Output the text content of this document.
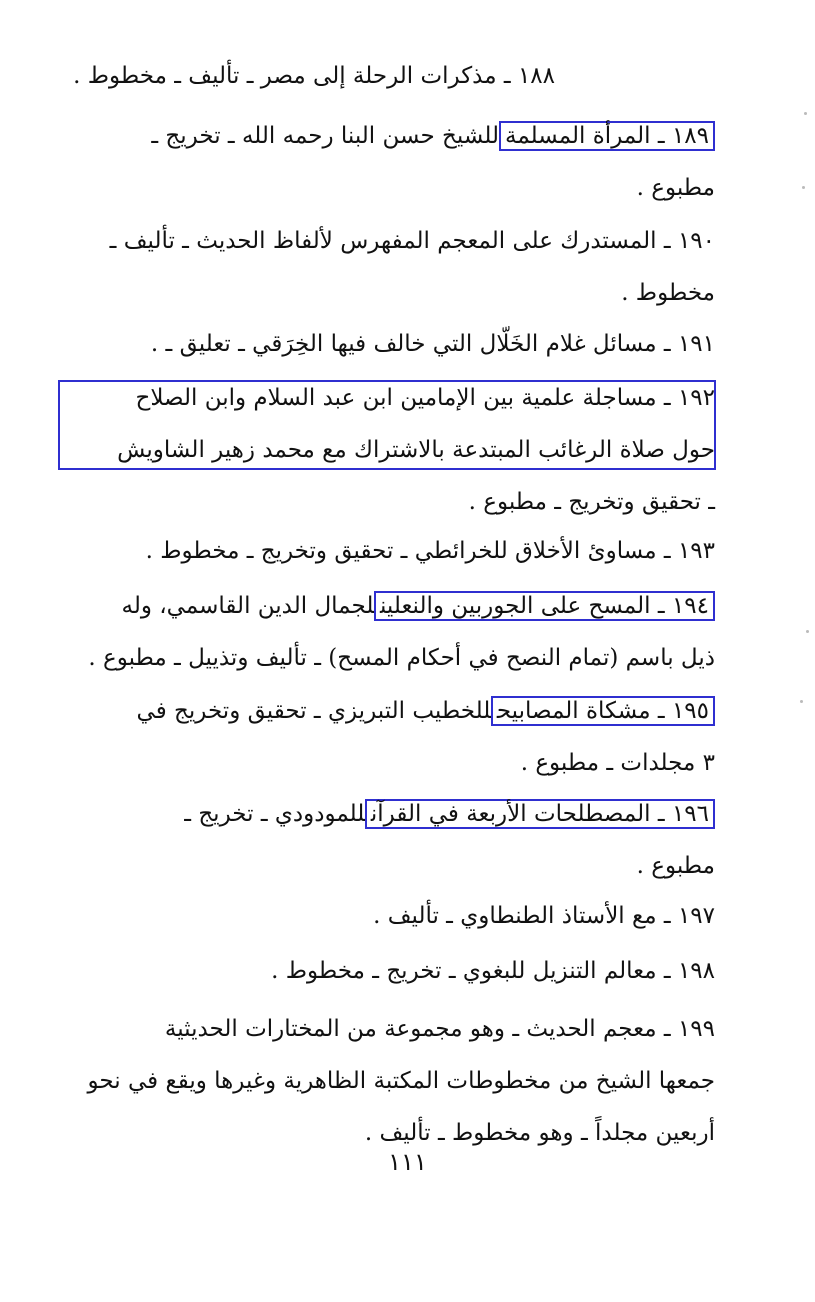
١٨٨ ـ مذكرات الرحلة إلى مصر ـ تأليف ـ مخطوط .

١٨٩ ـ المرأة المسلمةللشيخ حسن البنا رحمه الله ـ تخريج ـ

مطبوع .

١٩٠ ـ المستدرك على المعجم المفهرس لألفاظ الحديث ـ تأليف ـ

مخطوط .

١٩١ ـ مسائل غلام الخَلّال التي خالف فيها الخِرَقي ـ تعليق ـ .

١٩٢ ـ مساجلة علمية بين الإمامين ابن عبد السلام وابن الصلاح

حول صلاة الرغائب المبتدعة بالاشتراك مع محمد زهير الشاويش

ـ تحقيق وتخريج ـ مطبوع .

١٩٣ ـ مساوئ الأخلاق للخرائطي ـ تحقيق وتخريج ـ مخطوط .

١٩٤ ـ المسح على الجوربين والنعلينلجمال الدين القاسمي، وله

ذيل باسم (تمام النصح في أحكام المسح) ـ تأليف وتذييل ـ مطبوع .

١٩٥ ـ مشكاة المصابيحللخطيب التبريزي ـ تحقيق وتخريج في

٣ مجلدات ـ مطبوع .

١٩٦ ـ المصطلحات الأربعة في القرآنللمودودي ـ تخريج ـ

مطبوع .

١٩٧ ـ مع الأستاذ الطنطاوي ـ تأليف .

١٩٨ ـ معالم التنزيل للبغوي ـ تخريج ـ مخطوط .

١٩٩ ـ معجم الحديث ـ وهو مجموعة من المختارات الحديثية

جمعها الشيخ من مخطوطات المكتبة الظاهرية وغيرها ويقع في نحو

أربعين مجلداً ـ وهو مخطوط ـ تأليف .

١١١
